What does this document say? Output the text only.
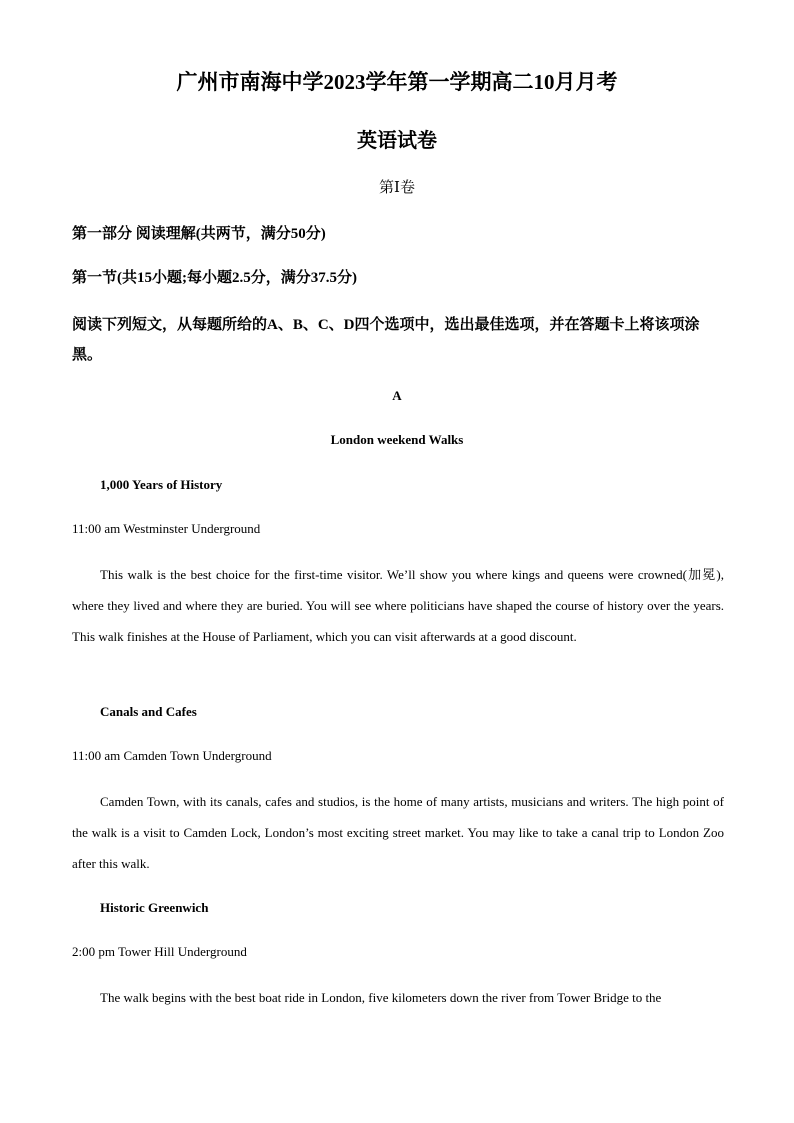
广州市南海中学2023学年第一学期高二10月月考
英语试卷
第Ⅰ卷
第一部分 阅读理解(共两节，满分50分)
第一节(共15小题;每小题2.5分，满分37.5分)
阅读下列短文，从每题所给的A、B、C、D四个选项中，选出最佳选项，并在答题卡上将该项涂黑。
A
London weekend Walks
1,000 Years of History
11:00 am Westminster Underground

This walk is the best choice for the first-time visitor. We’ll show you where kings and queens were crowned(加冕), where they lived and where they are buried. You will see where politicians have shaped the course of history over the years. This walk finishes at the House of Parliament, which you can visit afterwards at a good discount.

Canals and Cafes
11:00 am Camden Town Underground

Camden Town, with its canals, cafes and studios, is the home of many artists, musicians and writers. The high point of the walk is a visit to Camden Lock, London’s most exciting street market. You may like to take a canal trip to London Zoo after this walk.

Historic Greenwich
2:00 pm Tower Hill Underground

The walk begins with the best boat ride in London, five kilometers down the river from Tower Bridge to the
